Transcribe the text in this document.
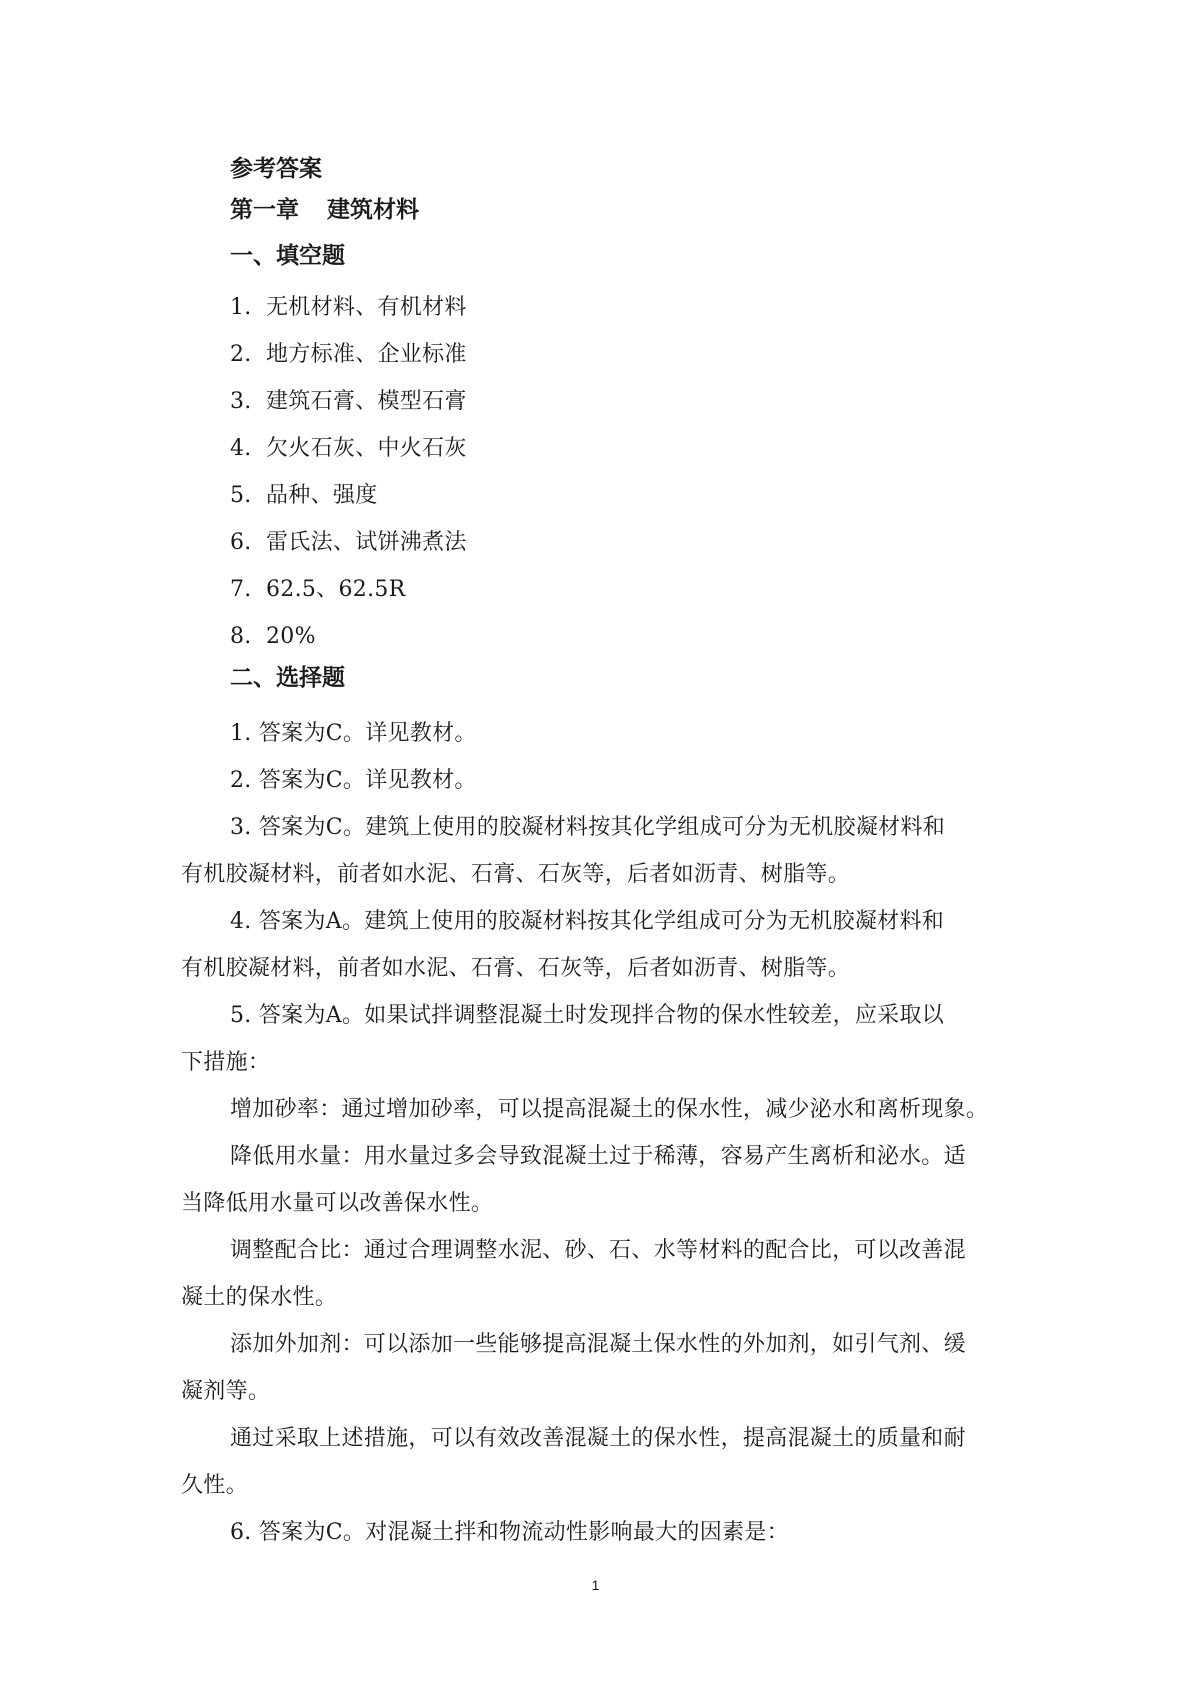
参考答案
第一章 建筑材料
一、填空题
1. 无机材料、有机材料
2. 地方标准、企业标准
3. 建筑石膏、模型石膏
4. 欠火石灰、中火石灰
5. 品种、强度
6. 雷氏法、试饼沸煮法
7. 62.5、62.5R
8. 20%
二、选择题
1. 答案为C。详见教材。
2. 答案为C。详见教材。
3. 答案为C。建筑上使用的胶凝材料按其化学组成可分为无机胶凝材料和
有机胶凝材料，前者如水泥、石膏、石灰等，后者如沥青、树脂等。
4. 答案为A。建筑上使用的胶凝材料按其化学组成可分为无机胶凝材料和
有机胶凝材料，前者如水泥、石膏、石灰等，后者如沥青、树脂等。
5. 答案为A。如果试拌调整混凝土时发现拌合物的保水性较差，应采取以
下措施：
增加砂率：通过增加砂率，可以提高混凝土的保水性，减少泌水和离析现象。
降低用水量：用水量过多会导致混凝土过于稀薄，容易产生离析和泌水。适
当降低用水量可以改善保水性。
调整配合比：通过合理调整水泥、砂、石、水等材料的配合比，可以改善混
凝土的保水性。
添加外加剂：可以添加一些能够提高混凝土保水性的外加剂，如引气剂、缓
凝剂等。
通过采取上述措施，可以有效改善混凝土的保水性，提高混凝土的质量和耐
久性。
6. 答案为C。对混凝土拌和物流动性影响最大的因素是：
1
